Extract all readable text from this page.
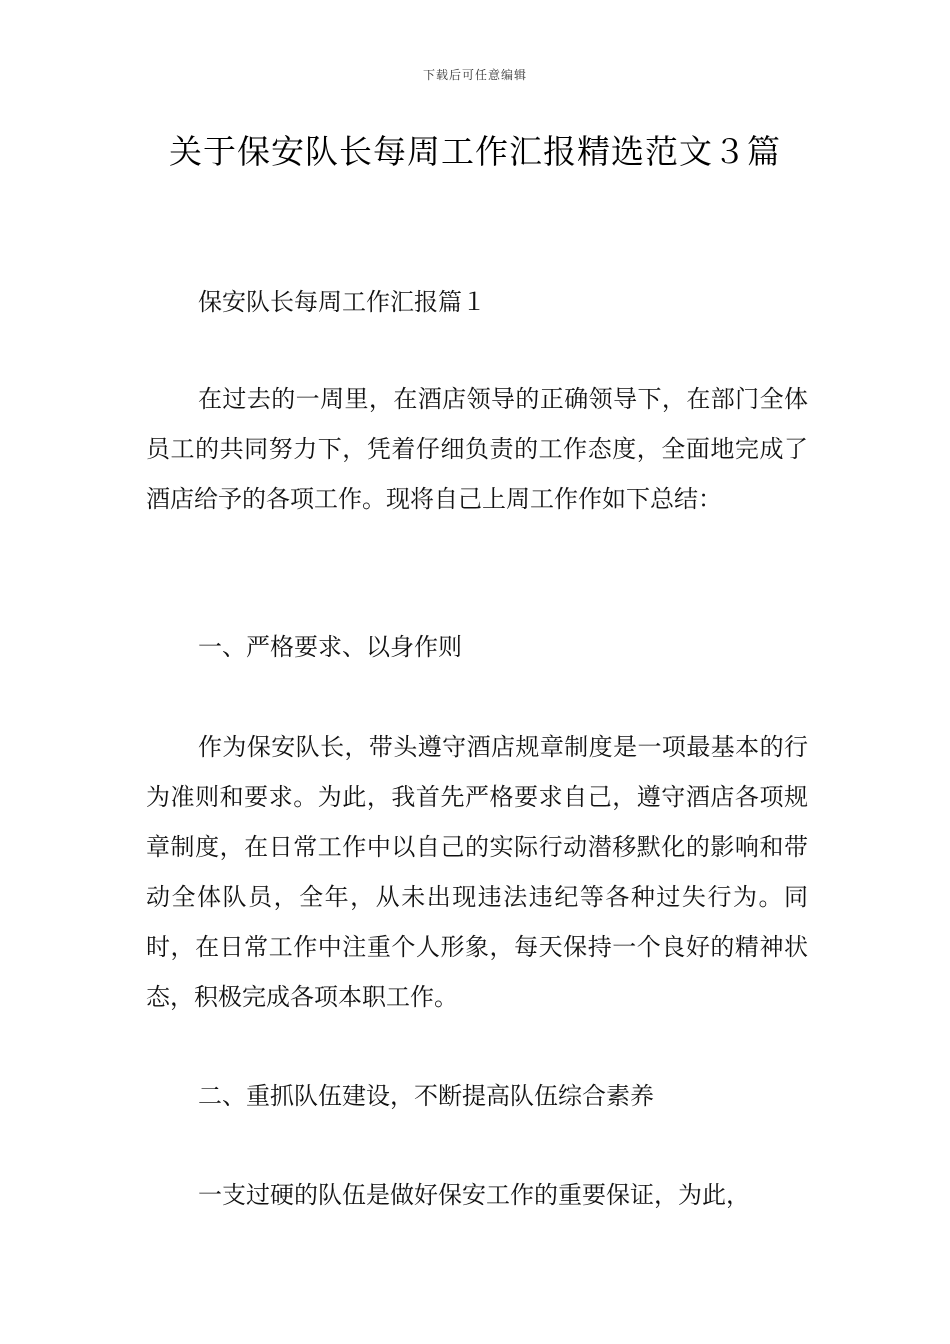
下载后可任意编辑
关于保安队长每周工作汇报精选范文３篇

保安队长每周工作汇报篇１

在过去的一周里，在酒店领导的正确领导下，在部门全体员工的共同努力下，凭着仔细负责的工作态度，全面地完成了酒店给予的各项工作。现将自己上周工作作如下总结：

一、严格要求、以身作则

作为保安队长，带头遵守酒店规章制度是一项最基本的行为准则和要求。为此，我首先严格要求自己，遵守酒店各项规章制度，在日常工作中以自己的实际行动潜移默化的影响和带动全体队员，全年，从未出现违法违纪等各种过失行为。同时，在日常工作中注重个人形象，每天保持一个良好的精神状态，积极完成各项本职工作。

二、重抓队伍建设，不断提高队伍综合素养

一支过硬的队伍是做好保安工作的重要保证，为此，
